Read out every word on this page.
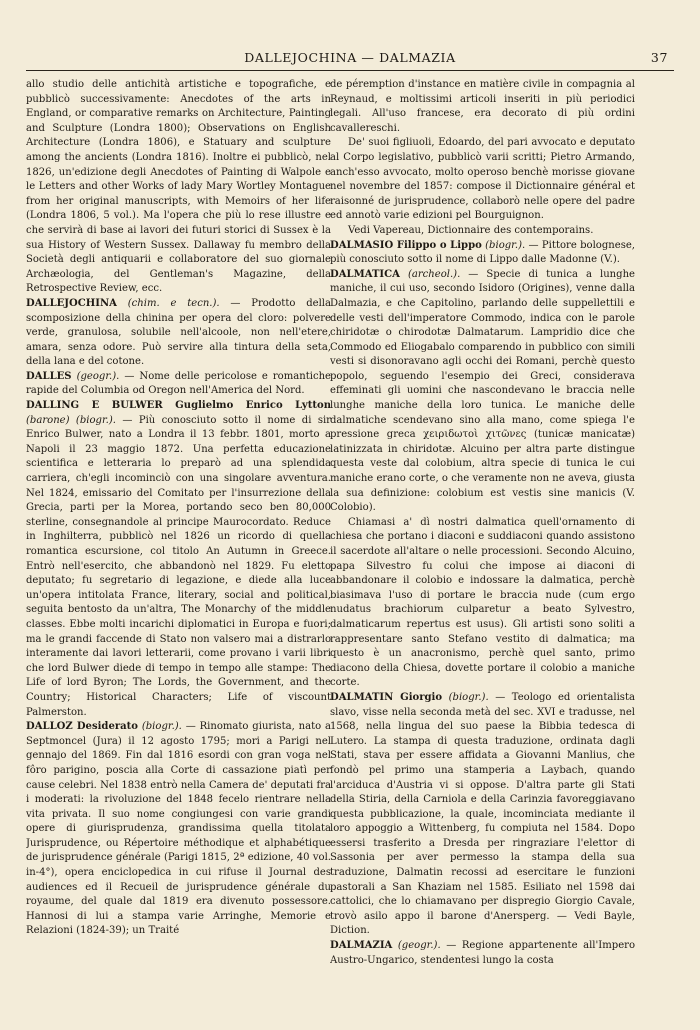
DALLEJOCHINA — DALMAZIA	37

allo studio delle antichità artistiche e topografiche, e pubblicò successivamente: Anecdotes of the arts in England, or comparative remarks on Architecture, Painting and Sculpture (Londra 1800); Observations on English Architecture (Londra 1806), e Statuary and sculpture among the ancients (Londra 1816). Inoltre ei pubblicò, nel 1826, un'edizione degli Anecdotes of Painting di Walpole e le Letters and other Works of lady Mary Wortley Montague from her original manuscripts, with Memoirs of her life (Londra 1806, 5 vol.). Ma l'opera che più lo rese illustre e che servirà di base ai lavori dei futuri storici di Sussex è la sua History of Western Sussex. Dallaway fu membro della Società degli antiquarii e collaboratore del suo giornale Archæologia, del Gentleman's Magazine, della Retrospective Review, ecc.

DALLEJOCHINA (chim. e tecn.). — Prodotto della scomposizione della chinina per opera del cloro: polvere verde, granulosa, solubile nell'alcoole, non nell'etere, amara, senza odore. Può servire alla tintura della seta, della lana e del cotone.

DALLES (geogr.). — Nome delle pericolose e romantiche rapide del Columbia od Oregon nell'America del Nord.

DALLING E BULWER Guglielmo Enrico Lytton (barone) (biogr.). — Più conosciuto sotto il nome di sir Enrico Bulwer, nato a Londra il 13 febbr. 1801, morto a Napoli il 23 maggio 1872. Una perfetta educazione scientifica e letteraria lo preparò ad una splendida carriera, ch'egli incominciò con una singolare avventura. Nel 1824, emissario del Comitato per l'insurrezione della Grecia, parti per la Morea, portando seco ben 80,000 sterline, consegnandole al principe Maurocordato. Reduce in Inghilterra, pubblicò nel 1826 un ricordo di quella romantica escursione, col titolo An Autumn in Greece. Entrò nell'esercito, che abbandonò nel 1829. Fu eletto deputato; fu segretario di legazione, e diede alla luce un'opera intitolata France, literary, social and political, seguita bentosto da un'altra, The Monarchy of the middle classes. Ebbe molti incarichi diplomatici in Europa e fuori; ma le grandi faccende di Stato non valsero mai a distrarlo interamente dai lavori letterarii, come provano i varii libri che lord Bulwer diede di tempo in tempo alle stampe: The Life of lord Byron; The Lords, the Government, and the Country; Historical Characters; Life of viscount Palmerston.

DALLOZ Desiderato (biogr.). — Rinomato giurista, nato a Septmoncel (Jura) il 12 agosto 1795; mori a Parigi nel gennajo del 1869. Fin dal 1816 esordi con gran voga nel fôro parigino, poscia alla Corte di cassazione piatì per cause celebri. Nel 1838 entrò nella Camera de' deputati fra i moderati: la rivoluzione del 1848 fecelo rientrare nella vita privata. Il suo nome congiungesi con varie grandi opere di giurisprudenza, grandissima quella titolata Jurisprudence, ou Répertoire méthodique et alphabétique de jurisprudence générale (Parigi 1815, 2ª edizione, 40 vol. in-4°), opera enciclopedica in cui rifuse il Journal des audiences ed il Recueil de jurisprudence générale du royaume, del quale dal 1819 era divenuto possessore. Hannosi di lui a stampa varie Arringhe, Memorie e Relazioni (1824-39); un Traité

de péremption d'instance en matière civile in compagnia al Reynaud, e moltissimi articoli inseriti in più periodici legali. All'uso francese, era decorato di più ordini cavallereschi.

De' suoi figliuoli, Edoardo, del pari avvocato e deputato al Corpo legislativo, pubblicò varii scritti; Pietro Armando, anch'esso avvocato, molto operoso benchè morisse giovane nel novembre del 1857: compose il Dictionnaire général et raisonné de jurisprudence, collaborò nelle opere del padre ed annotò varie edizioni pel Bourguignon.

Vedi Vapereau, Dictionnaire des contemporains.

DALMASIO Filippo o Lippo (biogr.). — Pittore bolognese, più conosciuto sotto il nome di Lippo dalle Madonne (V.).

DALMATICA (archeol.). — Specie di tunica a lunghe maniche, il cui uso, secondo Isidoro (Origines), venne dalla Dalmazia, e che Capitolino, parlando delle suppellettili e delle vesti dell'imperatore Commodo, indica con le parole chiridotæ o chirodotæ Dalmatarum. Lampridio dice che Commodo ed Eliogabalo comparendo in pubblico con simili vesti si disonoravano agli occhi dei Romani, perchè questo popolo, seguendo l'esempio dei Greci, considerava effeminati gli uomini che nascondevano le braccia nelle lunghe maniche della loro tunica. Le maniche delle dalmatiche scendevano sino alla mano, come spiega l'e pressione greca χειριδωτοὶ χιτῶνες (tunicæ manicatæ) latinizzata in chiridotæ. Alcuino per altra parte distingue questa veste dal colobium, altra specie di tunica le cui maniche erano corte, o che veramente non ne aveva, giusta la sua definizione: colobium est vestis sine manicis (V. Colobio).

Chiamasi a' dì nostri dalmatica quell'ornamento di chiesa che portano i diaconi e suddiaconi quando assistono il sacerdote all'altare o nelle processioni. Secondo Alcuino, papa Silvestro fu colui che impose ai diaconi di abbandonare il colobio e indossare la dalmatica, perchè biasimava l'uso di portare le braccia nude (cum ergo nudatus brachiorum culparetur a beato Sylvestro, dalmaticarum repertus est usus). Gli artisti sono soliti a rappresentare santo Stefano vestito di dalmatica; ma questo è un anacronismo, perchè quel santo, primo diacono della Chiesa, dovette portare il colobio a maniche corte.

DALMATIN Giorgio (biogr.). — Teologo ed orientalista slavo, visse nella seconda metà del sec. XVI e tradusse, nel 1568, nella lingua del suo paese la Bibbia tedesca di Lutero. La stampa di questa traduzione, ordinata dagli Stati, stava per essere affidata a Giovanni Manlius, che fondò pel primo una stamperia a Laybach, quando l'arciduca d'Austria vi si oppose. D'altra parte gli Stati della Stiria, della Carniola e della Carinzia favoreggiavano questa pubblicazione, la quale, incominciata mediante il loro appoggio a Wittenberg, fu compiuta nel 1584. Dopo essersi trasferito a Dresda per ringraziare l'elettor di Sassonia per aver permesso la stampa della sua traduzione, Dalmatin recossi ad esercitare le funzioni pastorali a San Khaziam nel 1585. Esiliato nel 1598 dai cattolici, che lo chiamavano per dispregio Giorgio Cavale, trovò asilo appo il barone d'Anersperg. — Vedi Bayle, Diction.

DALMAZIA (geogr.). — Regione appartenente all'Impero Austro-Ungarico, stendentesi lungo la costa
